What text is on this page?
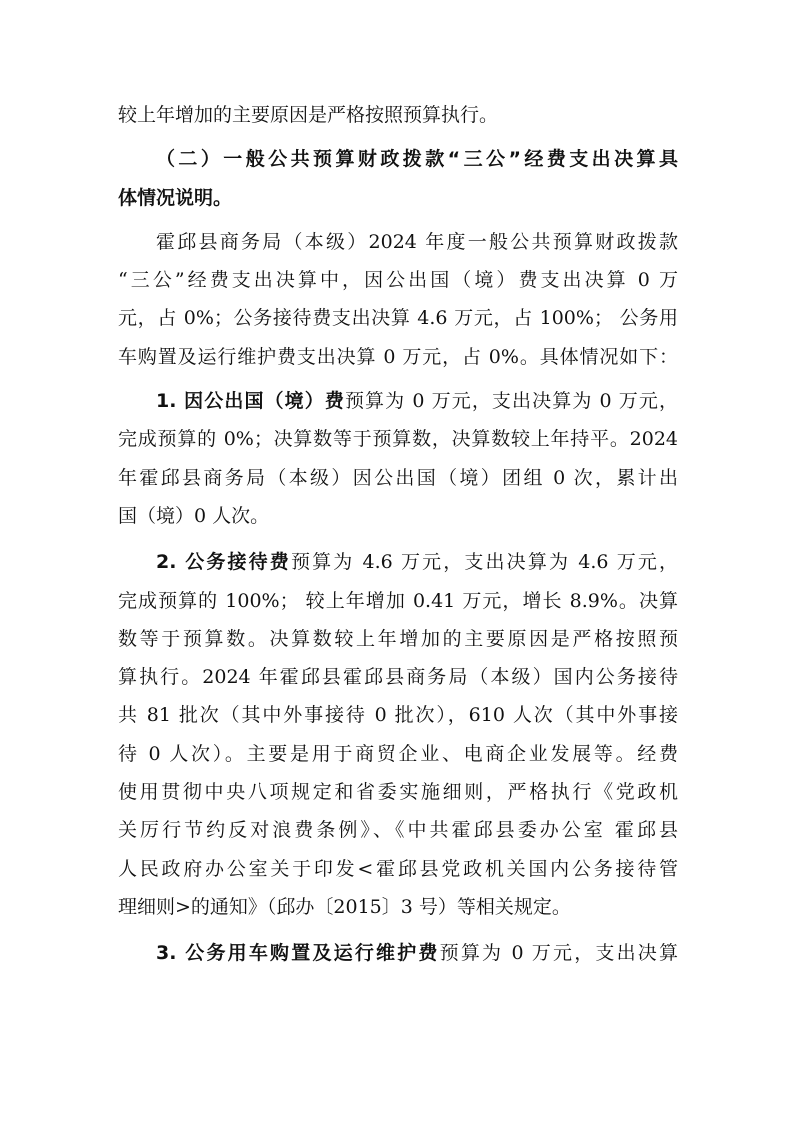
较上年增加的主要原因是严格按照预算执行。
（二）一般公共预算财政拨款“三公”经费支出决算具
体情况说明。
霍邱县商务局（本级）2024 年度一般公共预算财政拨款
“三公”经费支出决算中，因公出国（境）费支出决算 0 万
元，占 0%；公务接待费支出决算 4.6 万元，占 100%； 公务用
车购置及运行维护费支出决算 0 万元，占 0%。具体情况如下：
1. 因公出国（境）费预算为 0 万元，支出决算为 0 万元，
完成预算的 0%；决算数等于预算数，决算数较上年持平。2024
年霍邱县商务局（本级）因公出国（境）团组 0 次，累计出
国（境）0 人次。
2. 公务接待费预算为 4.6 万元，支出决算为 4.6 万元，
完成预算的 100%； 较上年增加 0.41 万元，增长 8.9%。决算
数等于预算数。决算数较上年增加的主要原因是严格按照预
算执行。2024 年霍邱县霍邱县商务局（本级）国内公务接待
共 81 批次（其中外事接待 0 批次），610 人次（其中外事接
待 0 人次）。主要是用于商贸企业、电商企业发展等。经费
使用贯彻中央八项规定和省委实施细则，严格执行《党政机
关厉行节约反对浪费条例》、《中共霍邱县委办公室 霍邱县
人民政府办公室关于印发<霍邱县党政机关国内公务接待管
理细则>的通知》（邱办〔2015〕3 号）等相关规定。
3. 公务用车购置及运行维护费预算为 0 万元，支出决算
